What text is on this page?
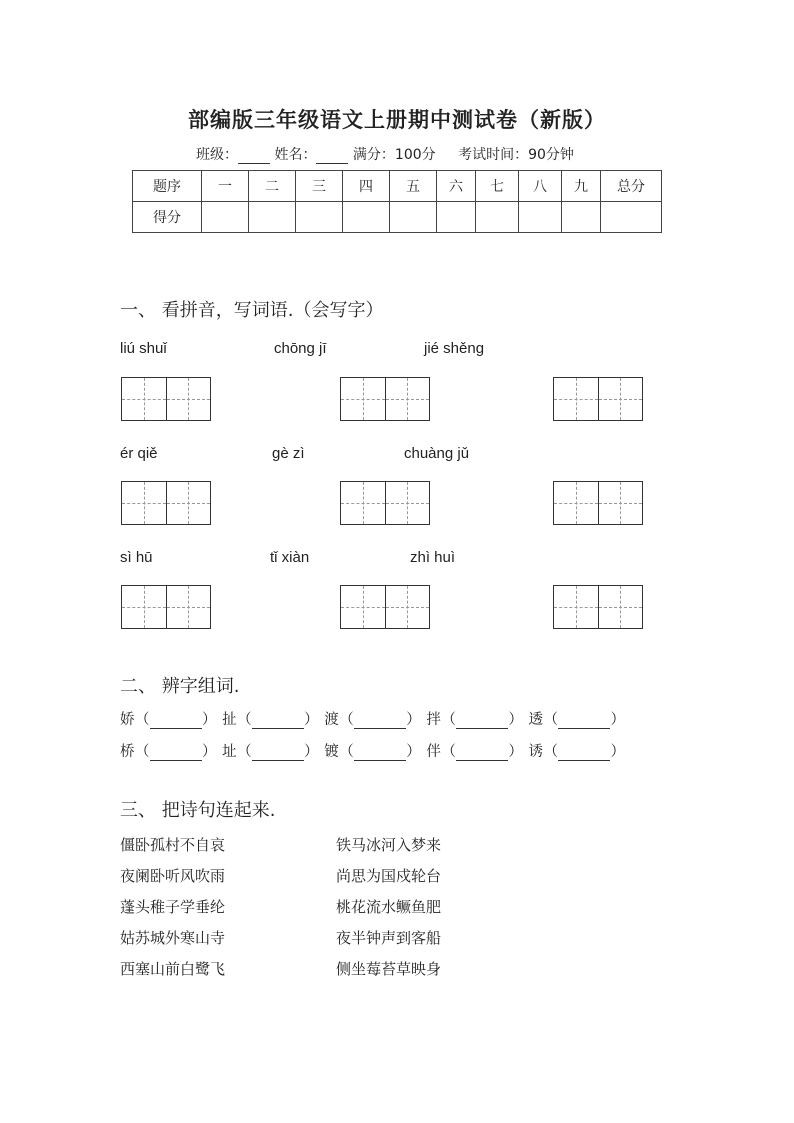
部编版三年级语文上册期中测试卷（新版）
班级：	姓名：	满分：100分 考试时间：90分钟
题序	一	二	三	四	五	六	七	八	九	总分
得分										
一、 看拼音，写词语.（会写字）
liú shuǐ	chōng jī	jié shěng
ér qiě	gè zì	chuàng jǔ
sì hū	tǐ xiàn	zhì huì
二、 辨字组词.
娇（	） 扯（	） 渡（	） 拌（	） 透（	）
桥（	） 址（	） 镀（	） 伴（	） 诱（	）
三、 把诗句连起来.
僵卧孤村不自哀	铁马冰河入梦来
夜阑卧听风吹雨	尚思为国戍轮台
蓬头稚子学垂纶	桃花流水鳜鱼肥
姑苏城外寒山寺	夜半钟声到客船
西塞山前白鹭飞	侧坐莓苔草映身
